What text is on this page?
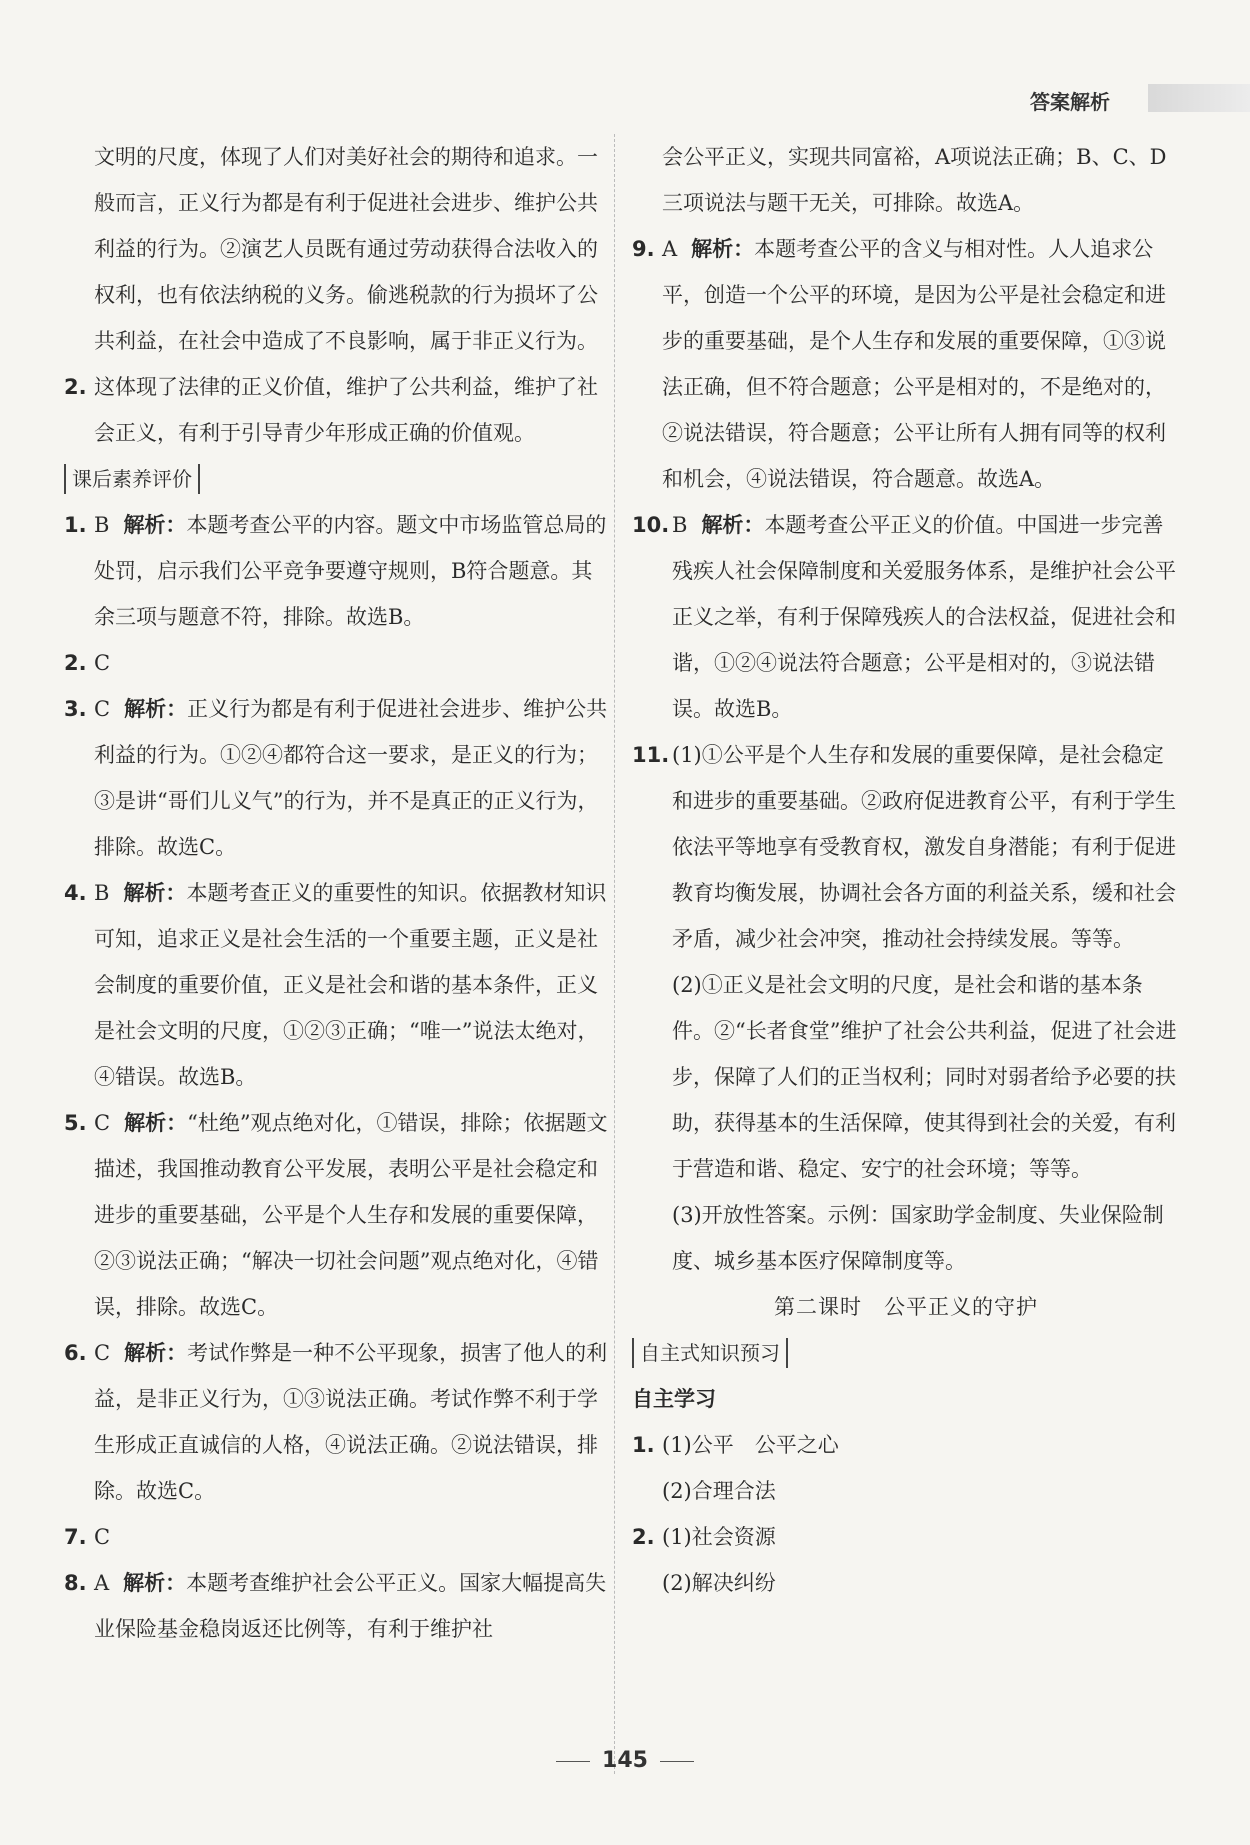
答案解析
文明的尺度，体现了人们对美好社会的期待和追求。一般而言，正义行为都是有利于促进社会进步、维护公共利益的行为。②演艺人员既有通过劳动获得合法收入的权利，也有依法纳税的义务。偷逃税款的行为损坏了公共利益，在社会中造成了不良影响，属于非正义行为。
2. 这体现了法律的正义价值，维护了公共利益，维护了社会正义，有利于引导青少年形成正确的价值观。
课后素养评价
1. B 解析：本题考查公平的内容。题文中市场监管总局的处罚，启示我们公平竞争要遵守规则，B符合题意。其余三项与题意不符，排除。故选B。
2. C
3. C 解析：正义行为都是有利于促进社会进步、维护公共利益的行为。①②④都符合这一要求，是正义的行为；③是讲“哥们儿义气”的行为，并不是真正的正义行为，排除。故选C。
4. B 解析：本题考查正义的重要性的知识。依据教材知识可知，追求正义是社会生活的一个重要主题，正义是社会制度的重要价值，正义是社会和谐的基本条件，正义是社会文明的尺度，①②③正确；“唯一”说法太绝对，④错误。故选B。
5. C 解析：“杜绝”观点绝对化，①错误，排除；依据题文描述，我国推动教育公平发展，表明公平是社会稳定和进步的重要基础，公平是个人生存和发展的重要保障，②③说法正确；“解决一切社会问题”观点绝对化，④错误，排除。故选C。
6. C 解析：考试作弊是一种不公平现象，损害了他人的利益，是非正义行为，①③说法正确。考试作弊不利于学生形成正直诚信的人格，④说法正确。②说法错误，排除。故选C。
7. C
8. A 解析：本题考查维护社会公平正义。国家大幅提高失业保险基金稳岗返还比例等，有利于维护社
会公平正义，实现共同富裕，A项说法正确；B、C、D三项说法与题干无关，可排除。故选A。
9. A 解析：本题考查公平的含义与相对性。人人追求公平，创造一个公平的环境，是因为公平是社会稳定和进步的重要基础，是个人生存和发展的重要保障，①③说法正确，但不符合题意；公平是相对的，不是绝对的，②说法错误，符合题意；公平让所有人拥有同等的权利和机会，④说法错误，符合题意。故选A。
10. B 解析：本题考查公平正义的价值。中国进一步完善残疾人社会保障制度和关爱服务体系，是维护社会公平正义之举，有利于保障残疾人的合法权益，促进社会和谐，①②④说法符合题意；公平是相对的，③说法错误。故选B。
11. (1)①公平是个人生存和发展的重要保障，是社会稳定和进步的重要基础。②政府促进教育公平，有利于学生依法平等地享有受教育权，激发自身潜能；有利于促进教育均衡发展，协调社会各方面的利益关系，缓和社会矛盾，减少社会冲突，推动社会持续发展。等等。
(2)①正义是社会文明的尺度，是社会和谐的基本条件。②“长者食堂”维护了社会公共利益，促进了社会进步，保障了人们的正当权利；同时对弱者给予必要的扶助，获得基本的生活保障，使其得到社会的关爱，有利于营造和谐、稳定、安宁的社会环境；等等。
(3)开放性答案。示例：国家助学金制度、失业保险制度、城乡基本医疗保障制度等。
第二课时　公平正义的守护
自主式知识预习
自主学习
1. (1)公平　公平之心
(2)合理合法
2. (1)社会资源
(2)解决纠纷
145
